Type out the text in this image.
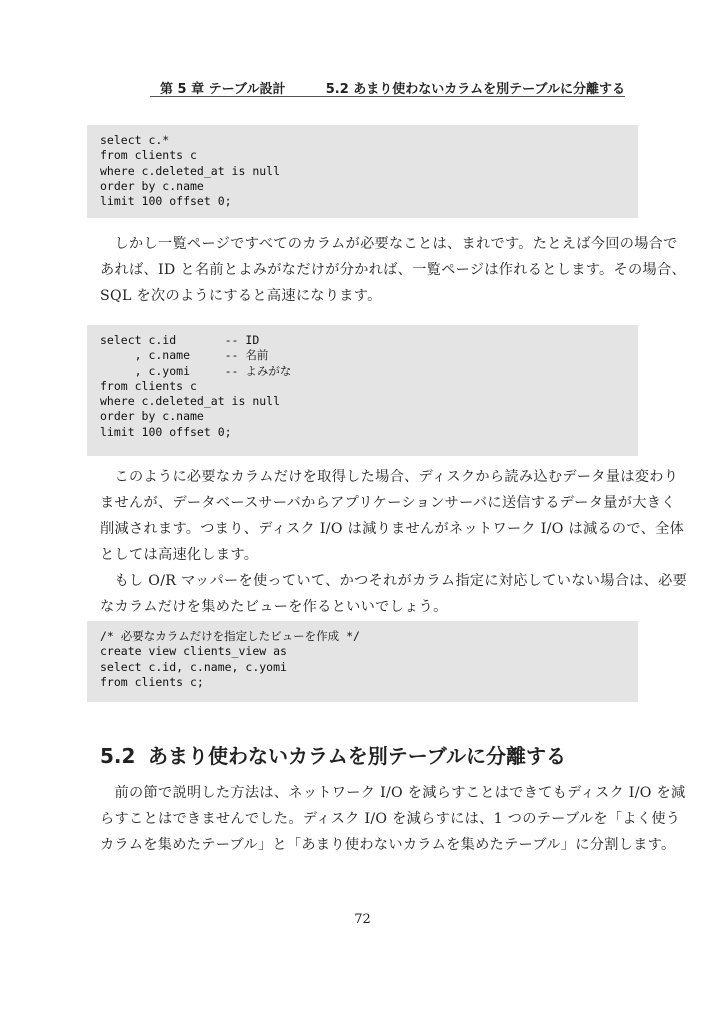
第 5 章 テーブル設計	5.2 あまり使わないカラムを別テーブルに分離する
select c.*
from clients c
where c.deleted_at is null
order by c.name
limit 100 offset 0;
　しかし一覧ページですべてのカラムが必要なことは、まれです。たとえば今回の場合で
あれば、ID と名前とよみがなだけが分かれば、一覧ページは作れるとします。その場合、
SQL を次のようにすると高速になります。
select c.id       -- ID
, c.name     -- 名前
, c.yomi     -- よみがな
from clients c
where c.deleted_at is null
order by c.name
limit 100 offset 0;
　このように必要なカラムだけを取得した場合、ディスクから読み込むデータ量は変わり
ませんが、データベースサーバからアプリケーションサーバに送信するデータ量が大きく
削減されます。つまり、ディスク I/O は減りませんがネットワーク I/O は減るので、全体
としては高速化します。
　もし O/R マッパーを使っていて、かつそれがカラム指定に対応していない場合は、必要
なカラムだけを集めたビューを作るといいでしょう。
/* 必要なカラムだけを指定したビューを作成 */
create view clients_view as
select c.id, c.name, c.yomi
from clients c;
5.2 あまり使わないカラムを別テーブルに分離する
　前の節で説明した方法は、ネットワーク I/O を減らすことはできてもディスク I/O を減
らすことはできませんでした。ディスク I/O を減らすには、1 つのテーブルを「よく使う
カラムを集めたテーブル」と「あまり使わないカラムを集めたテーブル」に分割します。
72
